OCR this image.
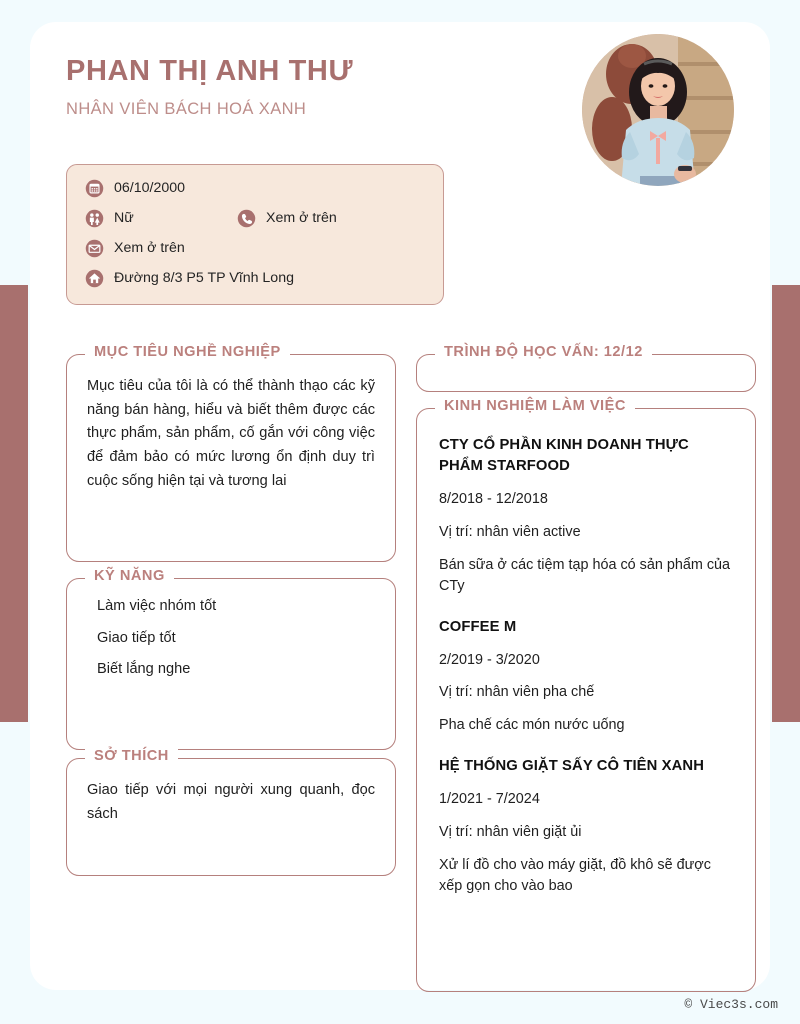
PHAN THỊ ANH THƯ
NHÂN VIÊN BÁCH HOÁ XANH
06/10/2000
Nữ	Xem ở trên
Xem ở trên
Đường 8/3 P5 TP Vĩnh Long
MỤC TIÊU NGHỀ NGHIỆP

Mục tiêu của tôi là có thể thành thạo các kỹ năng bán hàng, hiểu và biết thêm được các thực phẩm, sản phẩm, cố gắn với công việc để đảm bảo có mức lương ổn định duy trì cuộc sống hiện tại và tương lai

KỸ NĂNG
Làm việc nhóm tốt
Giao tiếp tốt
Biết lắng nghe
SỞ THÍCH

Giao tiếp với mọi người xung quanh, đọc sách

TRÌNH ĐỘ HỌC VẤN: 12/12
KINH NGHIỆM LÀM VIỆC

CTY CỔ PHẦN KINH DOANH THỰC PHẨM STARFOOD

8/2018 - 12/2018

Vị trí: nhân viên active

Bán sữa ở các tiệm tạp hóa có sản phẩm của CTy

COFFEE M

2/2019 - 3/2020

Vị trí: nhân viên pha chế

Pha chế các món nước uống

HỆ THỐNG GIẶT SẤY CÔ TIÊN XANH

1/2021 - 7/2024

Vị trí: nhân viên giặt ủi

Xử lí đồ cho vào máy giặt, đồ khô sẽ được xếp gọn cho vào bao

© Viec3s.com
